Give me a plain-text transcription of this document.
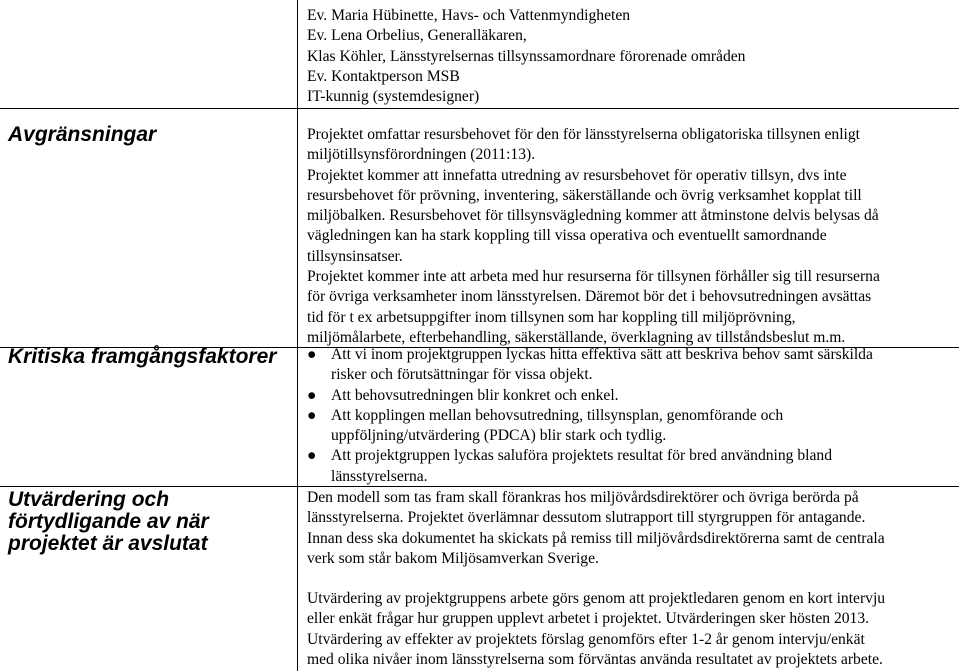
Ev. Maria Hübinette, Havs- och Vattenmyndigheten

Ev. Lena Orbelius, Generalläkaren,

Klas Köhler, Länsstyrelsernas tillsynssamordnare förorenade områden

Ev. Kontaktperson MSB

IT-kunnig (systemdesigner)

Avgränsningar	Projektet omfattar resursbehovet för den för länsstyrelserna obligatoriska tillsynen enligt

miljötillsynsförordningen (2011:13).

Projektet kommer att innefatta utredning av resursbehovet för operativ tillsyn, dvs inte

resursbehovet för prövning, inventering, säkerställande och övrig verksamhet kopplat till

miljöbalken. Resursbehovet för tillsynsvägledning kommer att åtminstone delvis belysas då

vägledningen kan ha stark koppling till vissa operativa och eventuellt samordnande

tillsynsinsatser.

Projektet kommer inte att arbeta med hur resurserna för tillsynen förhåller sig till resurserna

för övriga verksamheter inom länsstyrelsen. Däremot bör det i behovsutredningen avsättas

tid för t ex arbetsuppgifter inom tillsynen som har koppling till miljöprövning,

miljömålarbete, efterbehandling, säkerställande, överklagning av tillståndsbeslut m.m.

Kritiska framgångsfaktorer	● Att vi inom projektgruppen lyckas hitta effektiva sätt att beskriva behov samt särskilda
risker och förutsättningar för vissa objekt.
● Att behovsutredningen blir konkret och enkel.
● Att kopplingen mellan behovsutredning, tillsynsplan, genomförande och
uppföljning/utvärdering (PDCA) blir stark och tydlig.
● Att projektgruppen lyckas saluföra projektets resultat för bred användning bland
länsstyrelserna.
Utvärdering och
förtydligande av när
projektet är avslutat

Den modell som tas fram skall förankras hos miljövårdsdirektörer och övriga berörda på

länsstyrelserna. Projektet överlämnar dessutom slutrapport till styrgruppen för antagande.

Innan dess ska dokumentet ha skickats på remiss till miljövårdsdirektörerna samt de centrala

verk som står bakom Miljösamverkan Sverige.

Utvärdering av projektgruppens arbete görs genom att projektledaren genom en kort intervju

eller enkät frågar hur gruppen upplevt arbetet i projektet. Utvärderingen sker hösten 2013.

Utvärdering av effekter av projektets förslag genomförs efter 1-2 år genom intervju/enkät

med olika nivåer inom länsstyrelserna som förväntas använda resultatet av projektets arbete.
